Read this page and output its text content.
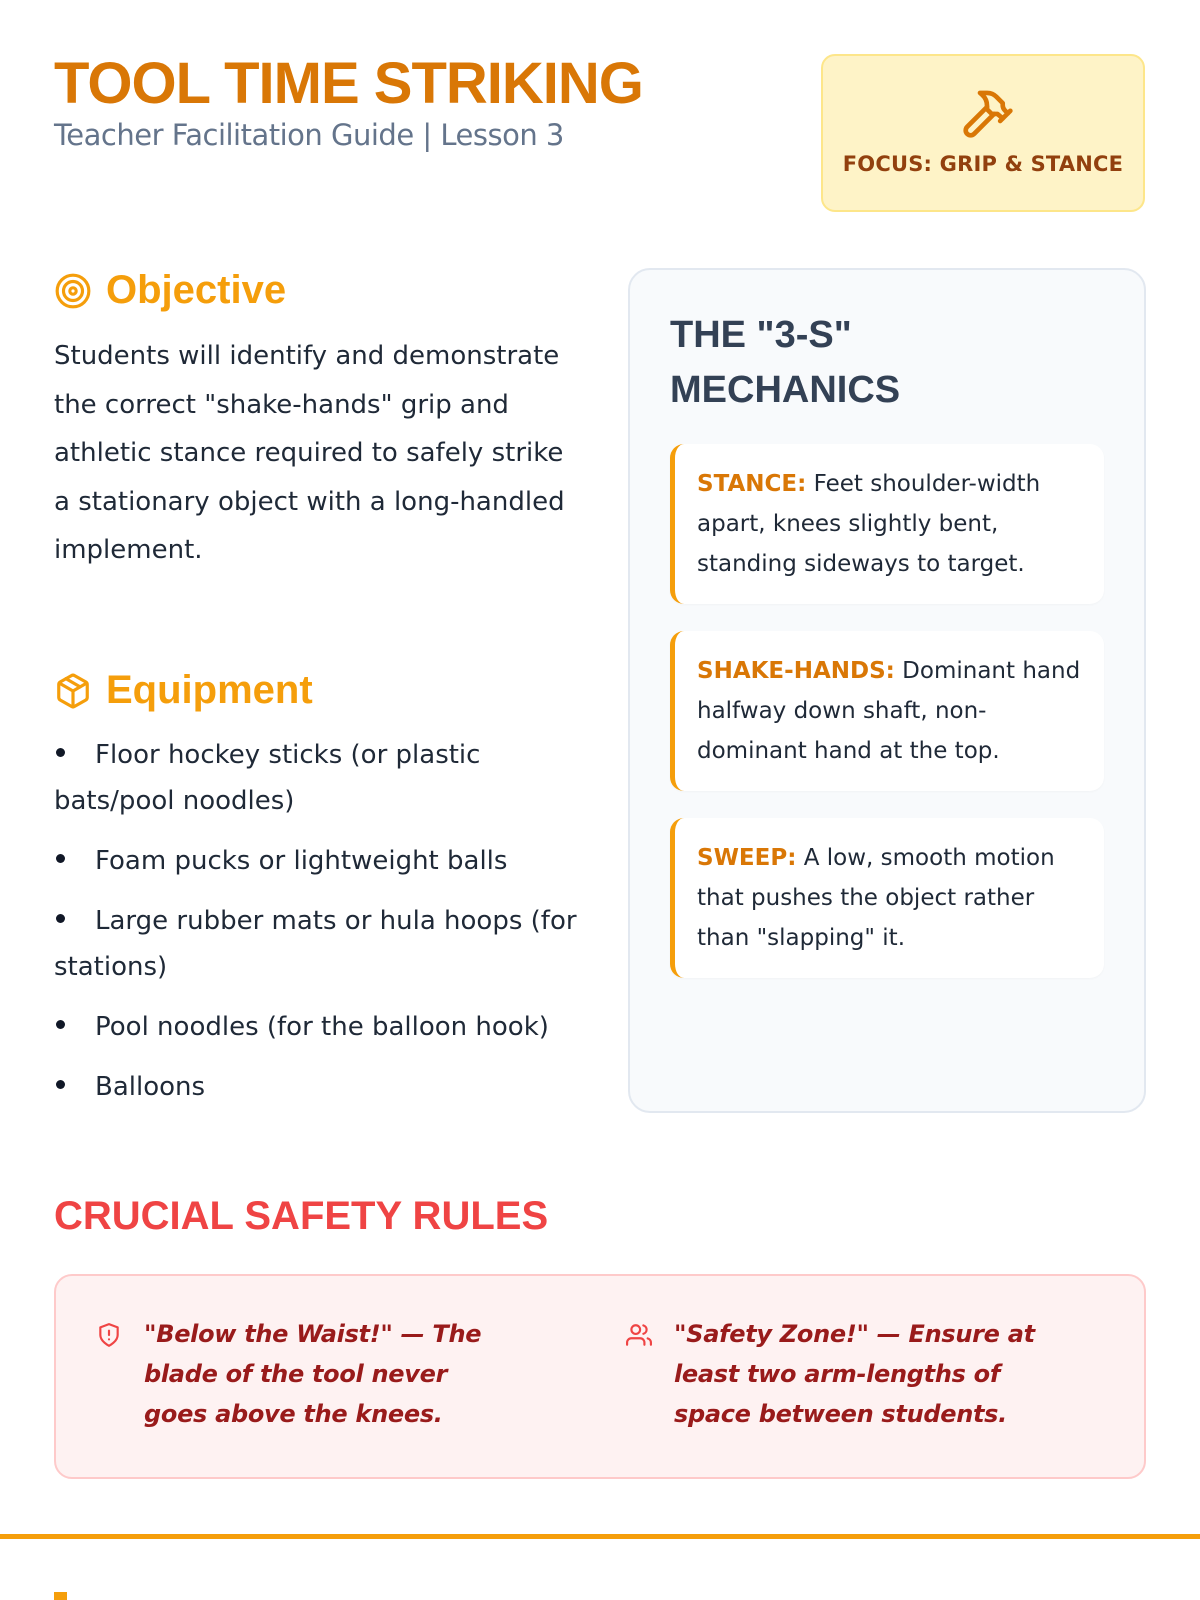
TOOL TIME STRIKING
Teacher Facilitation Guide | Lesson 3
FOCUS: GRIP & STANCE
Objective

Students will identify and demonstrate the correct "shake-hands" grip and athletic stance required to safely strike a stationary object with a long-handled implement.

Equipment
Floor hockey sticks (or plastic bats/pool noodles)
Foam pucks or lightweight balls
Large rubber mats or hula hoops (for stations)
Pool noodles (for the balloon hook)
Balloons
THE "3-S" MECHANICS
STANCE: Feet shoulder-width apart, knees slightly bent, standing sideways to target.
SHAKE-HANDS: Dominant hand halfway down shaft, non-dominant hand at the top.
SWEEP: A low, smooth motion that pushes the object rather than "slapping" it.
CRUCIAL SAFETY RULES
"Below the Waist!" — The blade of the tool never goes above the knees.
"Safety Zone!" — Ensure at least two arm-lengths of space between students.
